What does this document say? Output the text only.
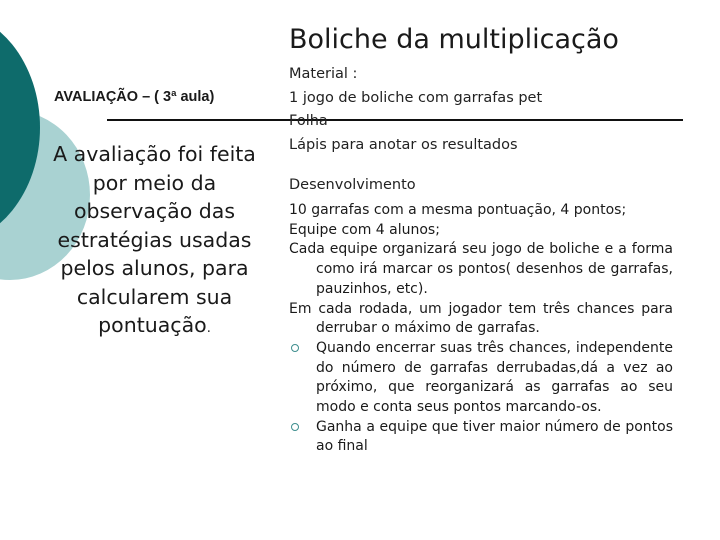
Boliche da multiplicação
AVALIAÇÃO – ( 3ª aula)
A avaliação foi feita por meio da observação das estratégias usadas pelos alunos, para calcularem sua pontuação.
Material :
1 jogo de boliche com garrafas pet
Folha
Lápis para anotar os resultados
Desenvolvimento
10 garrafas com a mesma pontuação, 4 pontos;
Equipe com 4 alunos;
Cada equipe organizará seu jogo de boliche e a forma como irá marcar os pontos( desenhos de garrafas, pauzinhos, etc).
Em cada rodada, um jogador tem três chances para derrubar o máximo de garrafas.
Quando encerrar suas três chances, independente do número de garrafas derrubadas,dá a vez ao próximo, que reorganizará as garrafas ao seu modo e conta seus pontos marcando-os.
Ganha a equipe que tiver maior número de pontos ao final
